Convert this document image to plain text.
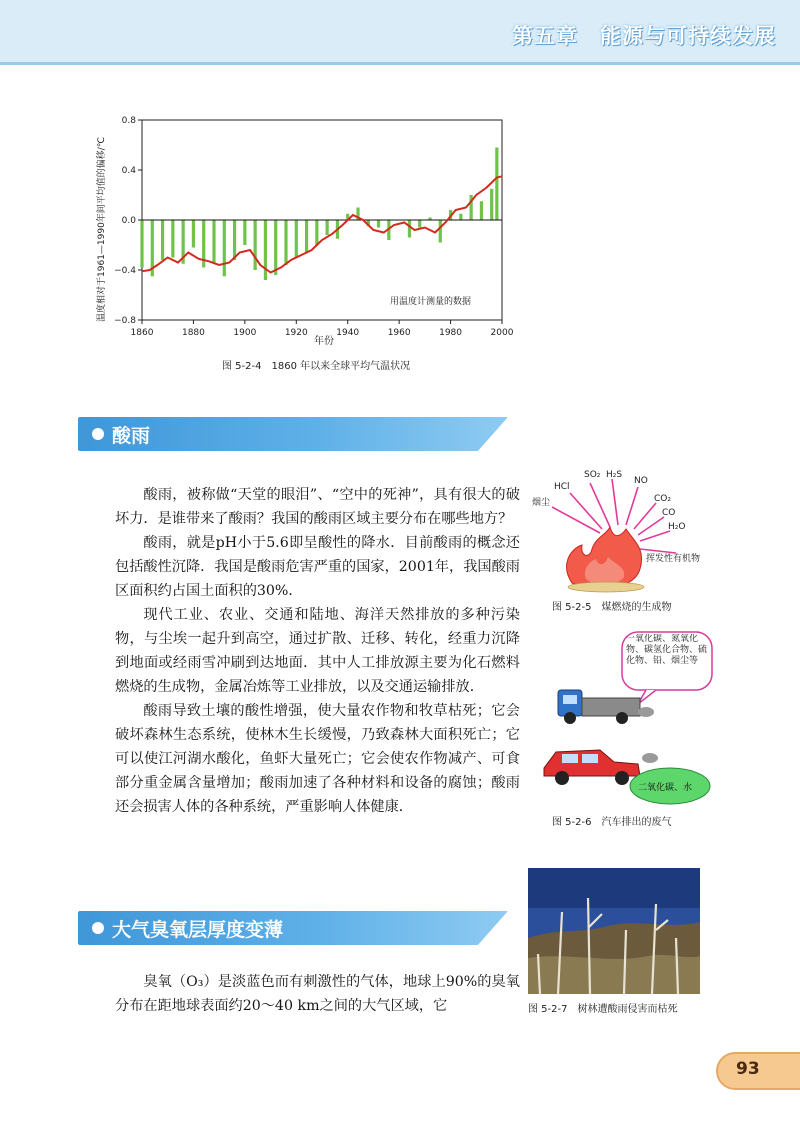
第五章　能源与可持续发展
1860	1880	1900	1920	1940	1960	1980	2000
−0.8
−0.4
0.0
0.4
0.8
用温度计测量的数据
年份
温度相对于1961—1990年间平均值的偏移/℃
图 5-2-4　1860 年以来全球平均气温状况
酸雨

酸雨，被称做“天堂的眼泪”、“空中的死神”，具有很大的破坏力．是谁带来了酸雨？我国的酸雨区域主要分布在哪些地方？

酸雨，就是pH小于5.6即呈酸性的降水．目前酸雨的概念还包括酸性沉降．我国是酸雨危害严重的国家，2001年，我国酸雨区面积约占国土面积的30%．

现代工业、农业、交通和陆地、海洋天然排放的多种污染物，与尘埃一起升到高空，通过扩散、迁移、转化，经重力沉降到地面或经雨雪冲刷到达地面．其中人工排放源主要为化石燃料燃烧的生成物，金属冶炼等工业排放，以及交通运输排放．

酸雨导致土壤的酸性增强，使大量农作物和牧草枯死；它会破坏森林生态系统，使林木生长缓慢，乃致森林大面积死亡；它可以使江河湖水酸化，鱼虾大量死亡；它会使农作物减产、可食部分重金属含量增加；酸雨加速了各种材料和设备的腐蚀；酸雨还会损害人体的各种系统，严重影响人体健康．

大气臭氧层厚度变薄

臭氧（O₃）是淡蓝色而有刺激性的气体，地球上90%的臭氧分布在距地球表面约20～40 km之间的大气区域，它

烟尘
HCl
SO₂ H₂S
NO
CO₂
CO
H₂O
挥发性有机物
图 5-2-5　煤燃烧的生成物
一氧化碳、氮氧化物、碳氢化合物、硫化物、铅、烟尘等
二氧化碳、水
图 5-2-6　汽车排出的废气
图 5-2-7　树林遭酸雨侵害而枯死
93
